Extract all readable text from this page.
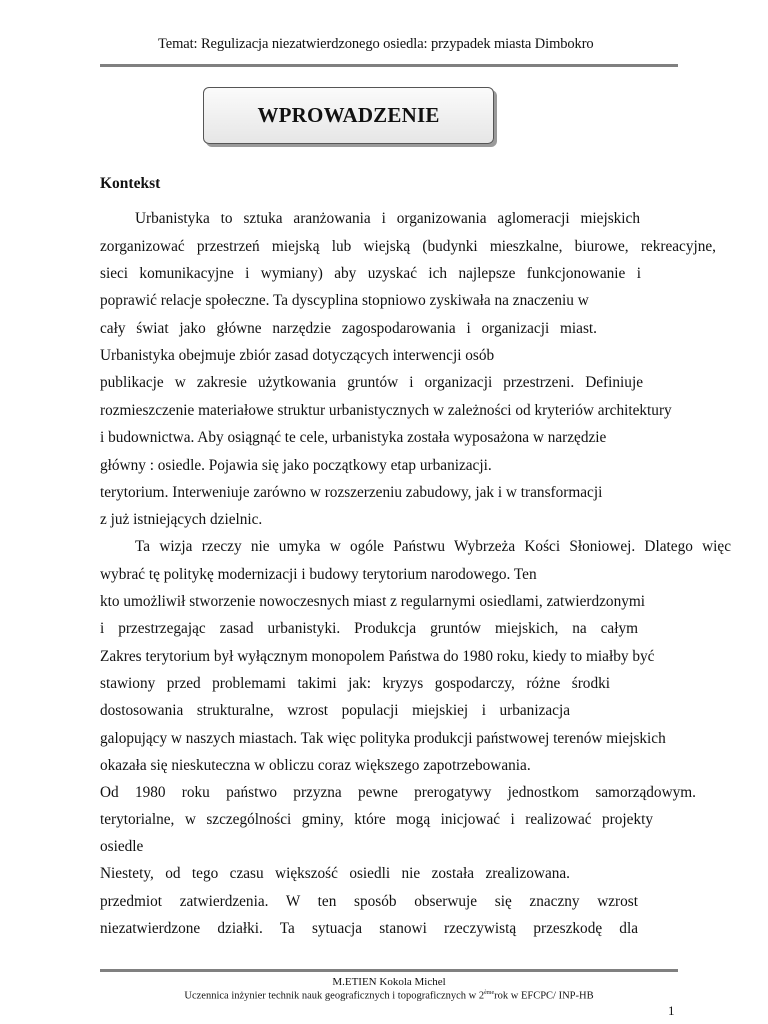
Temat: Regulizacja niezatwierdzonego osiedla: przypadek miasta Dimbokro
WPROWADZENIE
Kontekst
Urbanistyka to sztuka aranżowania i organizowania aglomeracji miejskich
zorganizować przestrzeń miejską lub wiejską (budynki mieszkalne, biurowe, rekreacyjne,
sieci komunikacyjne i wymiany) aby uzyskać ich najlepsze funkcjonowanie i
poprawić relacje społeczne. Ta dyscyplina stopniowo zyskiwała na znaczeniu w
cały świat jako główne narzędzie zagospodarowania i organizacji miast.
Urbanistyka obejmuje zbiór zasad dotyczących interwencji osób
publikacje w zakresie użytkowania gruntów i organizacji przestrzeni. Definiuje
rozmieszczenie materiałowe struktur urbanistycznych w zależności od kryteriów architektury
i budownictwa. Aby osiągnąć te cele, urbanistyka została wyposażona w narzędzie
główny : osiedle. Pojawia się jako początkowy etap urbanizacji.
terytorium. Interweniuje zarówno w rozszerzeniu zabudowy, jak i w transformacji
z już istniejących dzielnic.
Ta wizja rzeczy nie umyka w ogóle Państwu Wybrzeża Kości Słoniowej. Dlatego więc
wybrać tę politykę modernizacji i budowy terytorium narodowego. Ten
kto umożliwił stworzenie nowoczesnych miast z regularnymi osiedlami, zatwierdzonymi
i przestrzegając zasad urbanistyki. Produkcja gruntów miejskich, na całym
Zakres terytorium był wyłącznym monopolem Państwa do 1980 roku, kiedy to miałby być
stawiony przed problemami takimi jak: kryzys gospodarczy, różne środki
dostosowania strukturalne, wzrost populacji miejskiej i urbanizacja
galopujący w naszych miastach. Tak więc polityka produkcji państwowej terenów miejskich
okazała się nieskuteczna w obliczu coraz większego zapotrzebowania.
Od 1980 roku państwo przyzna pewne prerogatywy jednostkom samorządowym.
terytorialne, w szczególności gminy, które mogą inicjować i realizować projekty
osiedle
Niestety, od tego czasu większość osiedli nie została zrealizowana.
przedmiot zatwierdzenia. W ten sposób obserwuje się znaczny wzrost
niezatwierdzone działki. Ta sytuacja stanowi rzeczywistą przeszkodę dla
M.ETIEN Kokola Michel
Uczennica inżynier technik nauk geograficznych i topograficznych w 2èmerok w EFCPC/ INP-HB
1
